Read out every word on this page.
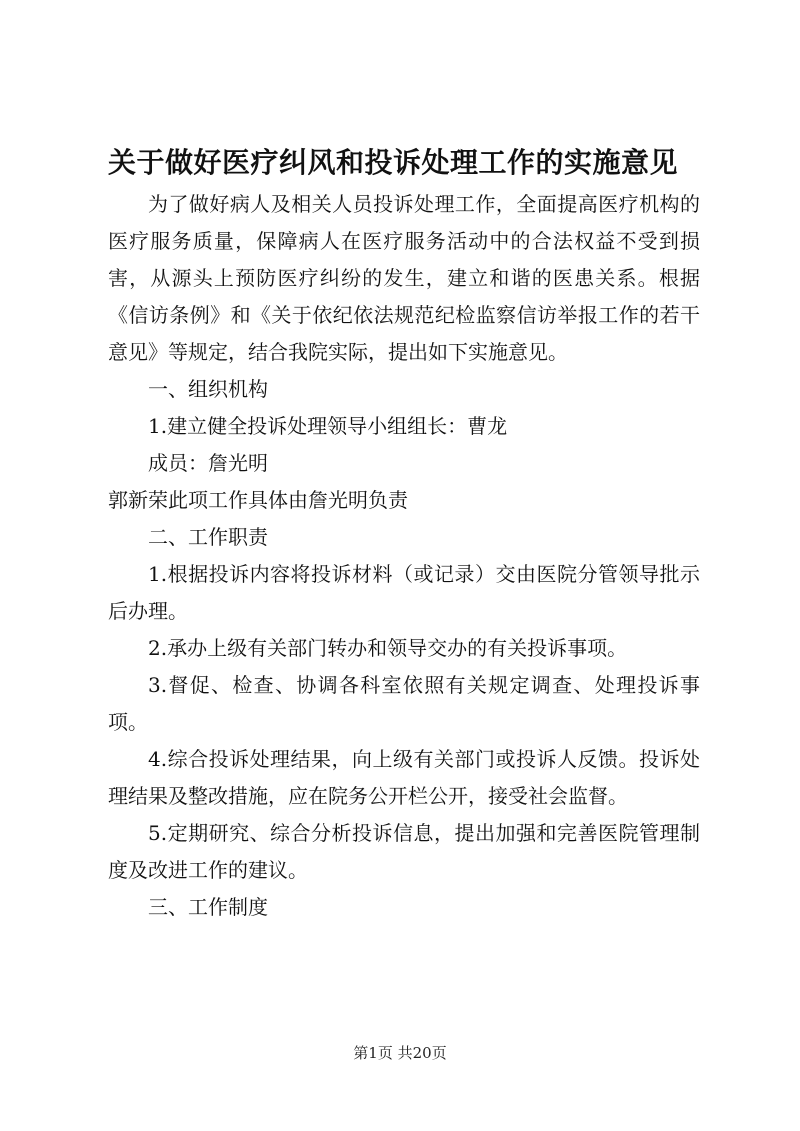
关于做好医疗纠风和投诉处理工作的实施意见

为了做好病人及相关人员投诉处理工作，全面提高医疗机构的医疗服务质量，保障病人在医疗服务活动中的合法权益不受到损害，从源头上预防医疗纠纷的发生，建立和谐的医患关系。根据《信访条例》和《关于依纪依法规范纪检监察信访举报工作的若干意见》等规定，结合我院实际，提出如下实施意见。

一、组织机构

1.建立健全投诉处理领导小组组长：曹龙

成员：詹光明

郭新荣此项工作具体由詹光明负责

二、工作职责

1.根据投诉内容将投诉材料（或记录）交由医院分管领导批示后办理。

2.承办上级有关部门转办和领导交办的有关投诉事项。

3.督促、检查、协调各科室依照有关规定调查、处理投诉事项。

4.综合投诉处理结果，向上级有关部门或投诉人反馈。投诉处理结果及整改措施，应在院务公开栏公开，接受社会监督。

5.定期研究、综合分析投诉信息，提出加强和完善医院管理制度及改进工作的建议。

三、工作制度

第1页 共20页
